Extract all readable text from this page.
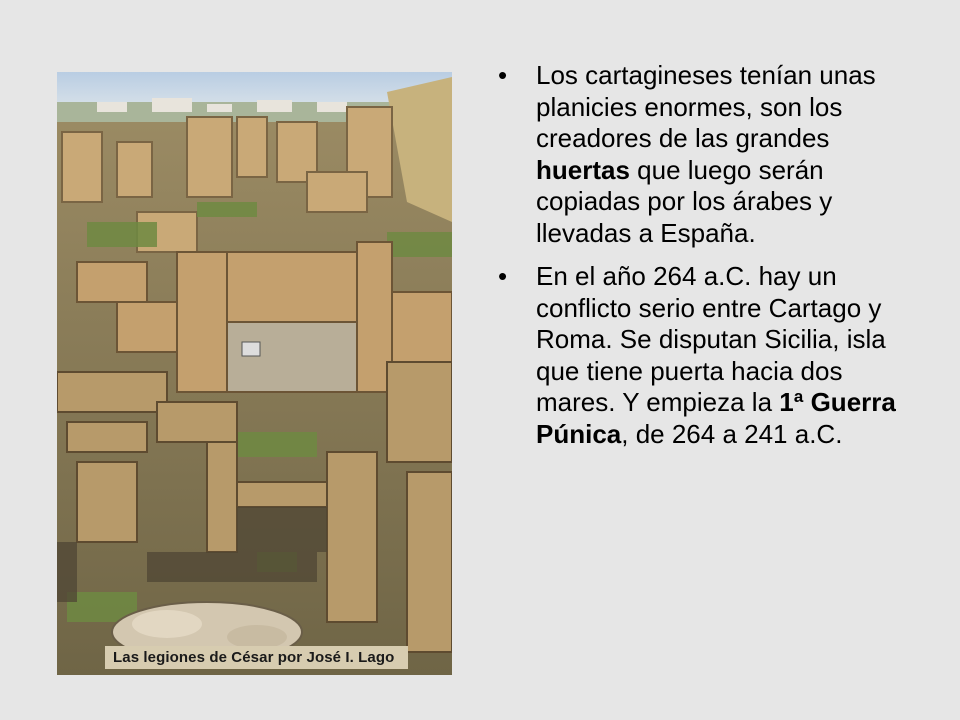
Las legiones de César por José I. Lago
•	Los cartagineses tenían unas planicies enormes, son los creadores de las grandes huertas que luego serán copiadas por los árabes y llevadas a España.
•	En el año 264 a.C. hay un conflicto serio entre Cartago y Roma. Se disputan Sicilia, isla que tiene puerta hacia dos mares. Y empieza la 1ª Guerra Púnica, de 264 a 241 a.C.
